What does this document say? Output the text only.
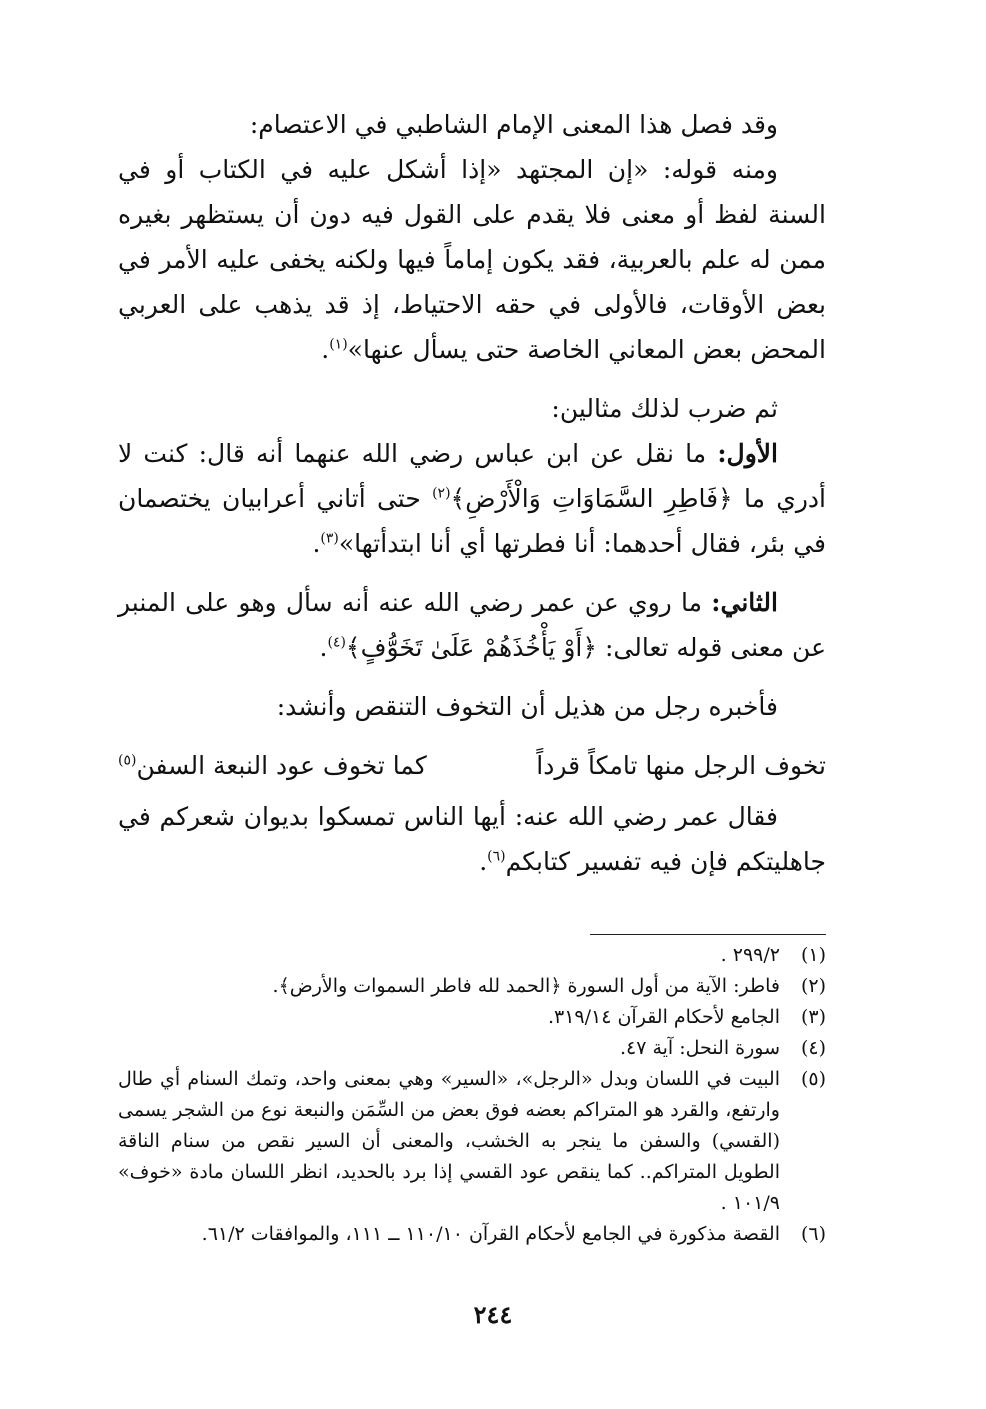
وقد فصل هذا المعنى الإمام الشاطبي في الاعتصام:

ومنه قوله: «إن المجتهد «إذا أشكل عليه في الكتاب أو في السنة لفظ أو معنى فلا يقدم على القول فيه دون أن يستظهر بغيره ممن له علم بالعربية، فقد يكون إماماً فيها ولكنه يخفى عليه الأمر في بعض الأوقات، فالأولى في حقه الاحتياط، إذ قد يذهب على العربي المحض بعض المعاني الخاصة حتى يسأل عنها»$^{(١)}$.

ثم ضرب لذلك مثالين:

الأول: ما نقل عن ابن عباس رضي الله عنهما أنه قال: كنت لا أدري ما ﴿فَاطِرِ السَّمَاوَاتِ وَالْأَرْضِ﴾$^{(٢)}$ حتى أتاني أعرابيان يختصمان في بئر، فقال أحدهما: أنا فطرتها أي أنا ابتدأتها»$^{(٣)}$.

الثاني: ما روي عن عمر رضي الله عنه أنه سأل وهو على المنبر عن معنى قوله تعالى: ﴿أَوْ يَأْخُذَهُمْ عَلَىٰ تَخَوُّفٍ﴾$^{(٤)}$.

فأخبره رجل من هذيل أن التخوف التنقص وأنشد:

تخوف الرجل منها تامكاً قرداً
كما تخوف عود النبعة السفن$^{(٥)}$

فقال عمر رضي الله عنه: أيها الناس تمسكوا بديوان شعركم في جاهليتكم فإن فيه تفسير كتابكم$^{(٦)}$.

(١)
٢٩٩/٢ .
(٢)
فاطر: الآية من أول السورة ﴿الحمد لله فاطر السموات والأرض﴾.
(٣)
الجامع لأحكام القرآن ٣١٩/١٤.
(٤)
سورة النحل: آية ٤٧.
(٥)
البيت في اللسان وبدل «الرجل»، «السير» وهي بمعنى واحد، وتمك السنام أي طال وارتفع، والقرد هو المتراكم بعضه فوق بعض من السِّمَن والنبعة نوع من الشجر يسمى (القسي) والسفن ما ينجر به الخشب، والمعنى أن السير نقص من سنام الناقة الطويل المتراكم.. كما ينقص عود القسي إذا برد بالحديد، انظر اللسان مادة «خوف» ١٠١/٩ .
(٦)
القصة مذكورة في الجامع لأحكام القرآن ١١٠/١٠ ــ ١١١، والموافقات ٦١/٢.
٢٤٤
